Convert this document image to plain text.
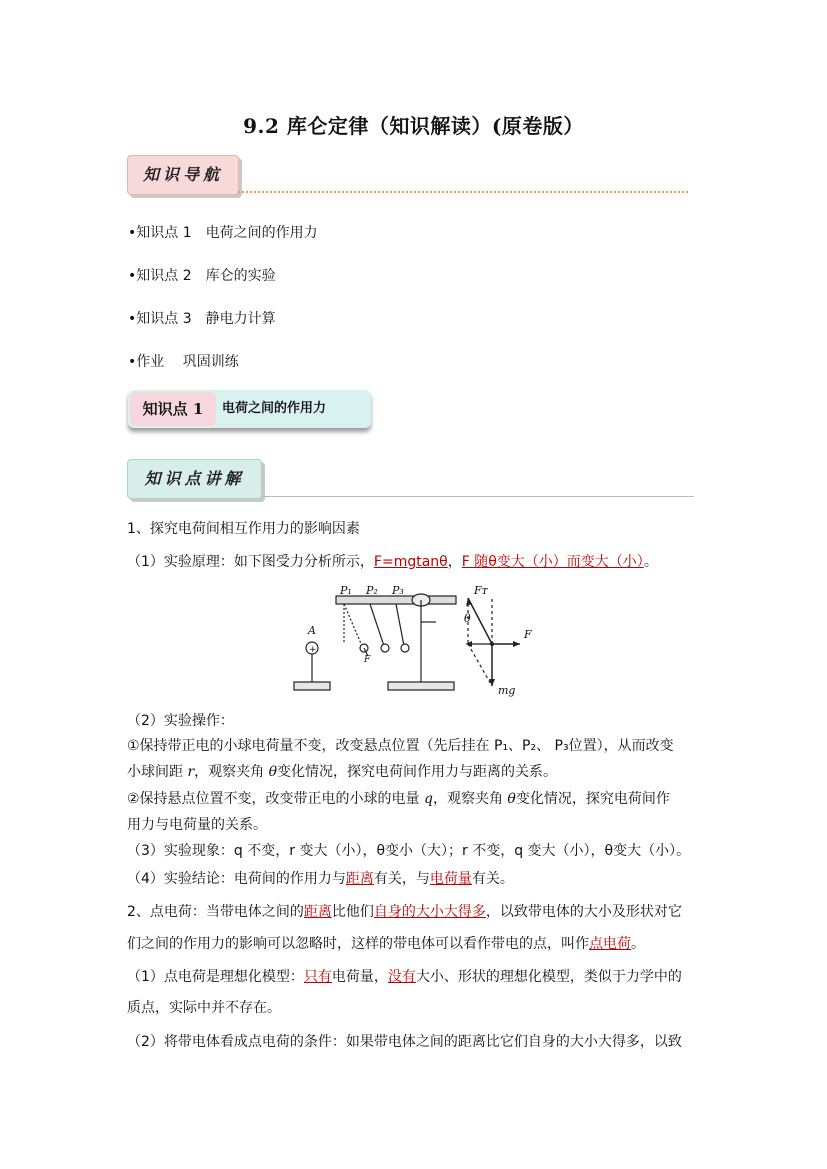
9.2 库仑定律（知识解读）(原卷版）
知识导航
•知识点 1　电荷之间的作用力
•知识点 2　库仑的实验
•知识点 3　静电力计算
•作业　 巩固训练
知识点 1	电荷之间的作用力
知识点讲解
1、探究电荷间相互作用力的影响因素
（1）实验原理：如下图受力分析所示，F=mgtanθ，F 随θ变大（小）而变大（小）。
P₁ P₂ P₃
A
F
Fᴛ
θ
F
mg
+
（2）实验操作：
①保持带正电的小球电荷量不变，改变悬点位置（先后挂在 P₁、P₂、 P₃位置），从而改变
小球间距 r，观察夹角 θ变化情况，探究电荷间作用力与距离的关系。
②保持悬点位置不变，改变带正电的小球的电量 q，观察夹角 θ变化情况，探究电荷间作
用力与电荷量的关系。
（3）实验现象：q 不变，r 变大（小），θ变小（大）；r 不变，q 变大（小），θ变大（小）。
（4）实验结论：电荷间的作用力与距离有关，与电荷量有关。
2、点电荷：当带电体之间的距离比他们自身的大小大得多，以致带电体的大小及形状对它
们之间的作用力的影响可以忽略时，这样的带电体可以看作带电的点，叫作点电荷。
（1）点电荷是理想化模型：只有电荷量，没有大小、形状的理想化模型，类似于力学中的
质点，实际中并不存在。
（2）将带电体看成点电荷的条件：如果带电体之间的距离比它们自身的大小大得多，以致
